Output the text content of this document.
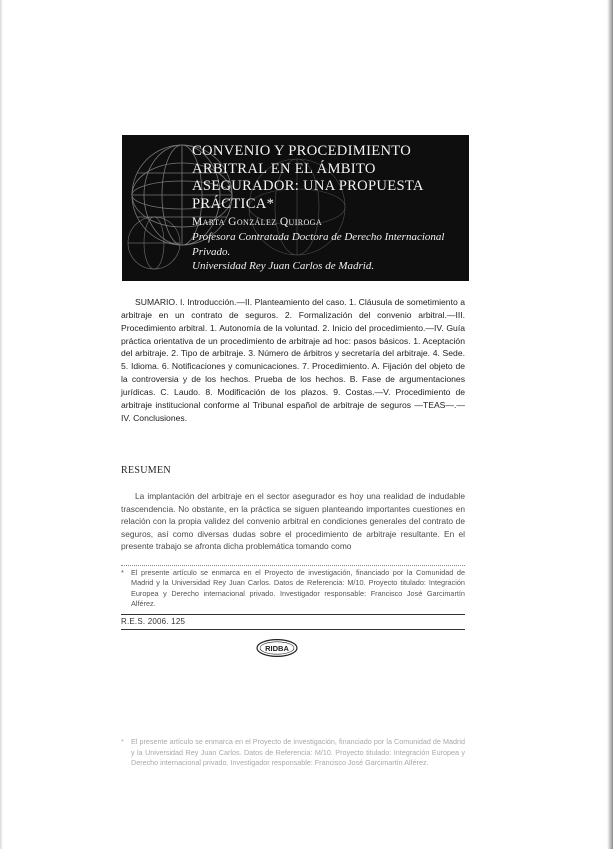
CONVENIO Y PROCEDIMIENTO ARBITRAL EN EL ÁMBITO ASEGURADOR: UNA PROPUESTA PRÁCTICA*
Marta González Quiroga
Profesora Contratada Doctora de Derecho Internacional Privado.
Universidad Rey Juan Carlos de Madrid.

SUMARIO. I. Introducción.—II. Planteamiento del caso. 1. Cláusula de sometimiento a arbitraje en un contrato de seguros. 2. Formalización del convenio arbitral.—III. Procedimiento arbitral. 1. Autonomía de la voluntad. 2. Inicio del procedimiento.—IV. Guía práctica orientativa de un procedimiento de arbitraje ad hoc: pasos básicos. 1. Aceptación del arbitraje. 2. Tipo de arbitraje. 3. Número de árbitros y secretaría del arbitraje. 4. Sede. 5. Idioma. 6. Notificaciones y comunicaciones. 7. Procedimiento. A. Fijación del objeto de la controversia y de los hechos. Prueba de los hechos. B. Fase de argumentaciones jurídicas. C. Laudo. 8. Modificación de los plazos. 9. Costas.—V. Procedimiento de arbitraje institucional conforme al Tribunal español de arbitraje de seguros —TEAS—.—IV. Conclusiones.

RESUMEN

La implantación del arbitraje en el sector asegurador es hoy una realidad de indudable trascendencia. No obstante, en la práctica se siguen planteando importantes cuestiones en relación con la propia validez del convenio arbitral en condiciones generales del contrato de seguros, así como diversas dudas sobre el procedimiento de arbitraje resultante. En el presente trabajo se afronta dicha problemática tomando como

* El presente artículo se enmarca en el Proyecto de investigación, financiado por la Comunidad de Madrid y la Universidad Rey Juan Carlos. Datos de Referencia: M/10. Proyecto titulado: Integración Europea y Derecho internacional privado. Investigador responsable: Francisco José Garcimartín Alférez.
R.E.S. 2006. 125
RIDBA
* El presente artículo se enmarca en el Proyecto de investigación, financiado por la Comunidad de Madrid y la Universidad Rey Juan Carlos. Datos de Referencia: M/10. Proyecto titulado: Integración Europea y Derecho internacional privado. Investigador responsable: Francisco José Garcimartín Alférez.
